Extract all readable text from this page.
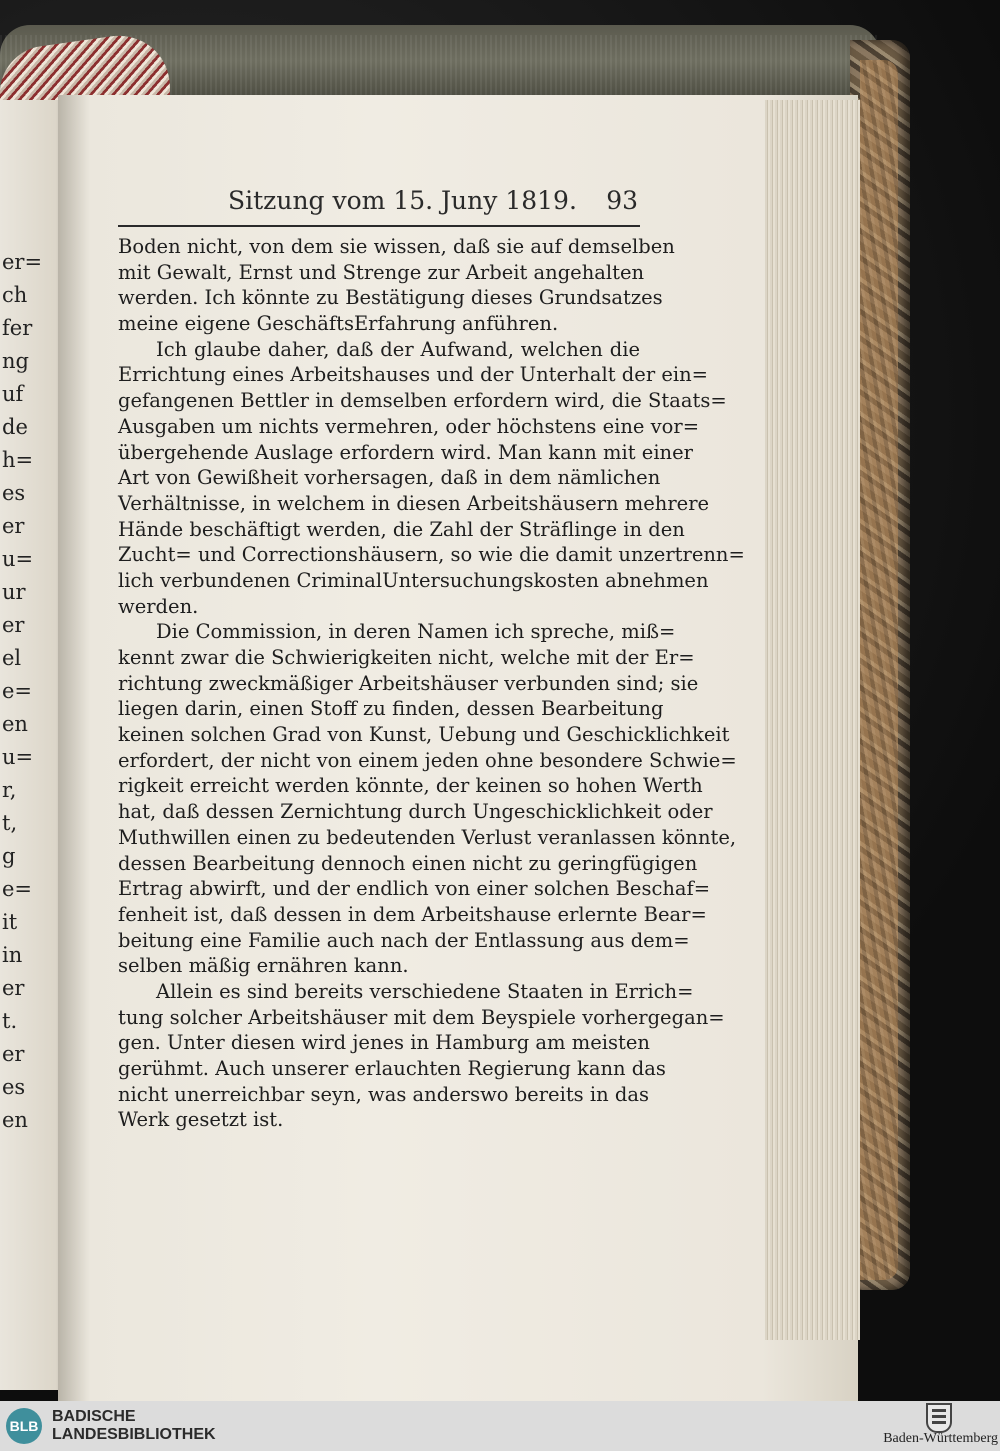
er=
ch
fer
ng
uf
de
h=
es
er
u=
ur
er
el
e=
en
u=
r,
t,
g
e=
it
in
er
t.
er
es
en
Sitzung vom 15. Juny 1819. 93
Boden nicht, von dem sie wissen, daß sie auf demselben
mit Gewalt, Ernst und Strenge zur Arbeit angehalten
werden. Ich könnte zu Bestätigung dieses Grundsatzes
meine eigene GeschäftsErfahrung anführen.
Ich glaube daher, daß der Aufwand, welchen die
Errichtung eines Arbeitshauses und der Unterhalt der ein=
gefangenen Bettler in demselben erfordern wird, die Staats=
Ausgaben um nichts vermehren, oder höchstens eine vor=
übergehende Auslage erfordern wird. Man kann mit einer
Art von Gewißheit vorhersagen, daß in dem nämlichen
Verhältnisse, in welchem in diesen Arbeitshäusern mehrere
Hände beschäftigt werden, die Zahl der Sträflinge in den
Zucht= und Correctionshäusern, so wie die damit unzertrenn=
lich verbundenen CriminalUntersuchungskosten abnehmen
werden.
Die Commission, in deren Namen ich spreche, miß=
kennt zwar die Schwierigkeiten nicht, welche mit der Er=
richtung zweckmäßiger Arbeitshäuser verbunden sind; sie
liegen darin, einen Stoff zu finden, dessen Bearbeitung
keinen solchen Grad von Kunst, Uebung und Geschicklichkeit
erfordert, der nicht von einem jeden ohne besondere Schwie=
rigkeit erreicht werden könnte, der keinen so hohen Werth
hat, daß dessen Zernichtung durch Ungeschicklichkeit oder
Muthwillen einen zu bedeutenden Verlust veranlassen könnte,
dessen Bearbeitung dennoch einen nicht zu geringfügigen
Ertrag abwirft, und der endlich von einer solchen Beschaf=
fenheit ist, daß dessen in dem Arbeitshause erlernte Bear=
beitung eine Familie auch nach der Entlassung aus dem=
selben mäßig ernähren kann.
Allein es sind bereits verschiedene Staaten in Errich=
tung solcher Arbeitshäuser mit dem Beyspiele vorhergegan=
gen. Unter diesen wird jenes in Hamburg am meisten
gerühmt. Auch unserer erlauchten Regierung kann das
nicht unerreichbar seyn, was anderswo bereits in das
Werk gesetzt ist.
BLB
BADISCHE
LANDESBIBLIOTHEK	Baden-Württemberg
